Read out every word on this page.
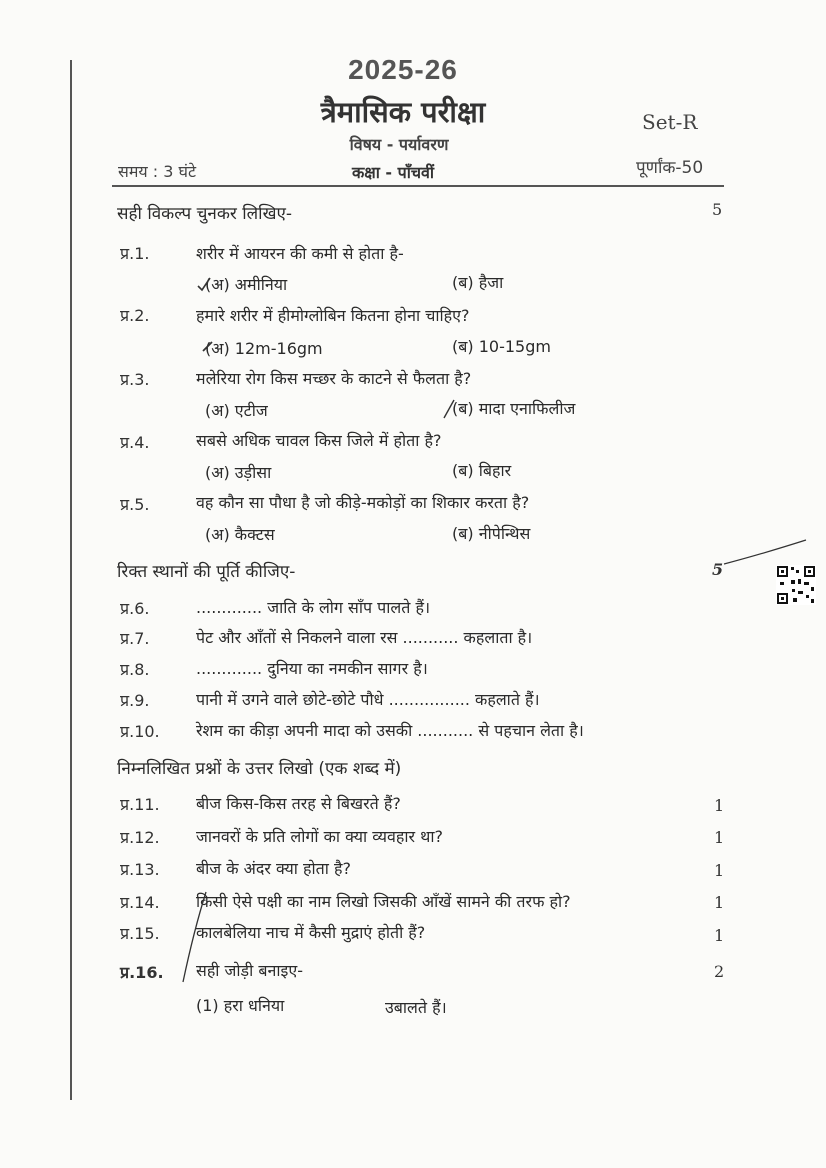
2025-26
त्रैमासिक परीक्षा	Set-R
विषय - पर्यावरण
समय : 3 घंटे	कक्षा - पाँचवीं	पूर्णांक-50
सही विकल्प चुनकर लिखिए-	5
प्र.1.	शरीर में आयरन की कमी से होता है-
(अ) अमीनिया	(ब) हैजा
प्र.2.	हमारे शरीर में हीमोग्लोबिन कितना होना चाहिए?
(अ) 12m-16gm	(ब) 10-15gm
प्र.3.	मलेरिया रोग किस मच्छर के काटने से फैलता है?
(अ) एटीज	(ब) मादा एनाफिलीज
प्र.4.	सबसे अधिक चावल किस जिले में होता है?
(अ) उड़ीसा	(ब) बिहार
प्र.5.	वह कौन सा पौधा है जो कीड़े-मकोड़ों का शिकार करता है?
(अ) कैक्टस	(ब) नीपेन्थिस
रिक्त स्थानों की पूर्ति कीजिए-	5
प्र.6.	............. जाति के लोग साँप पालते हैं।
प्र.7.	पेट और आँतों से निकलने वाला रस ........... कहलाता है।
प्र.8.	............. दुनिया का नमकीन सागर है।
प्र.9.	पानी में उगने वाले छोटे-छोटे पौधे ................ कहलाते हैं।
प्र.10. रेशम का कीड़ा अपनी मादा को उसकी ........... से पहचान लेता है।
निम्नलिखित प्रश्नों के उत्तर लिखो (एक शब्द में)
प्र.11. बीज किस-किस तरह से बिखरते हैं?	1
प्र.12. जानवरों के प्रति लोगों का क्या व्यवहार था?	1
प्र.13. बीज के अंदर क्या होता है?	1
प्र.14. किसी ऐसे पक्षी का नाम लिखो जिसकी आँखें सामने की तरफ हो?	1
प्र.15. कालबेलिया नाच में कैसी मुद्राएं होती हैं?	1
प्र.16. सही जोड़ी बनाइए-	2
(1) हरा धनिया	उबालते हैं।
